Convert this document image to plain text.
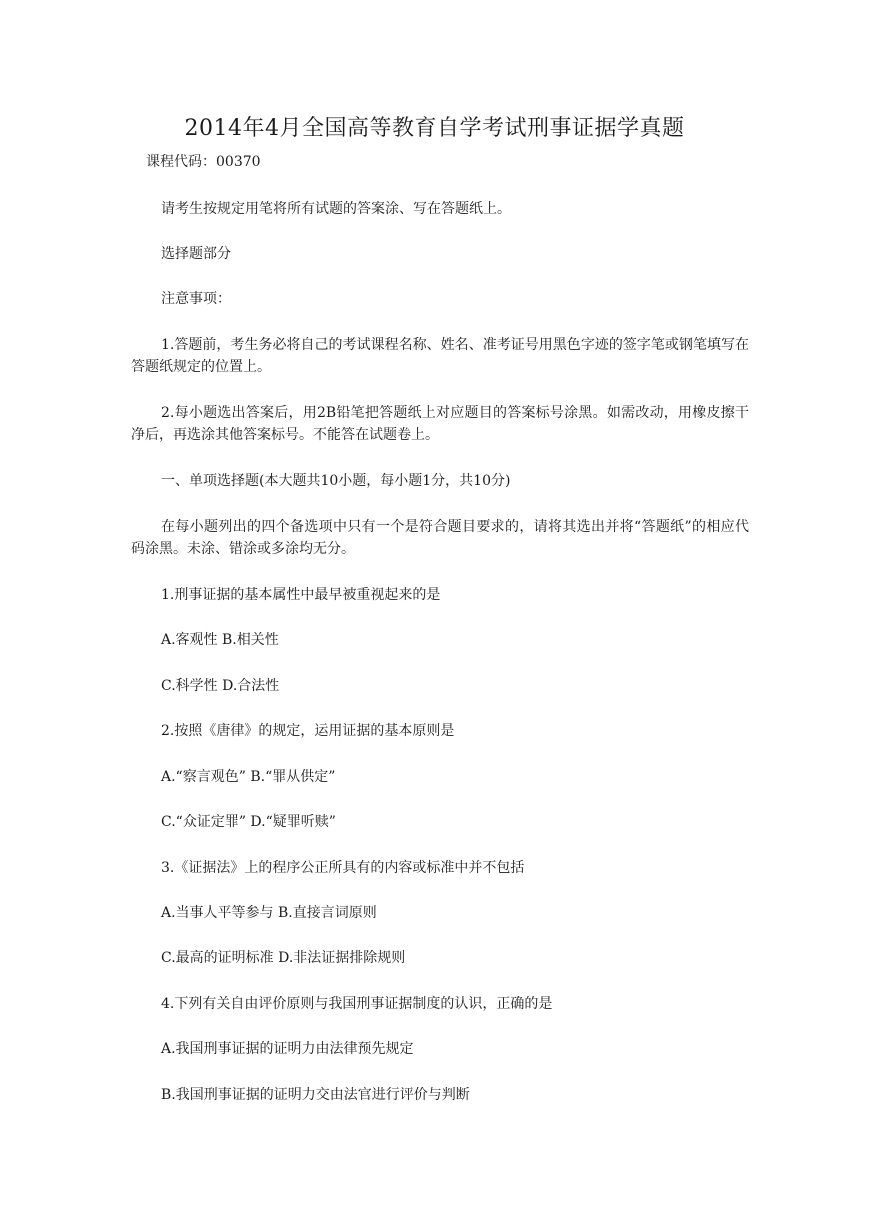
2014年4月全国高等教育自学考试刑事证据学真题
课程代码：00370
请考生按规定用笔将所有试题的答案涂、写在答题纸上。
选择题部分
注意事项：
1.答题前，考生务必将自己的考试课程名称、姓名、准考证号用黑色字迹的签字笔或钢笔填写在答题纸规定的位置上。
2.每小题选出答案后，用2B铅笔把答题纸上对应题目的答案标号涂黑。如需改动，用橡皮擦干净后，再选涂其他答案标号。不能答在试题卷上。
一、单项选择题(本大题共10小题，每小题1分，共10分)
在每小题列出的四个备选项中只有一个是符合题目要求的，请将其选出并将“答题纸”的相应代码涂黑。未涂、错涂或多涂均无分。
1.刑事证据的基本属性中最早被重视起来的是
A.客观性 B.相关性
C.科学性 D.合法性
2.按照《唐律》的规定，运用证据的基本原则是
A.“察言观色” B.“罪从供定”
C.“众证定罪” D.“疑罪听赎”
3.《证据法》上的程序公正所具有的内容或标准中并不包括
A.当事人平等参与 B.直接言词原则
C.最高的证明标准 D.非法证据排除规则
4.下列有关自由评价原则与我国刑事证据制度的认识，正确的是
A.我国刑事证据的证明力由法律预先规定
B.我国刑事证据的证明力交由法官进行评价与判断
